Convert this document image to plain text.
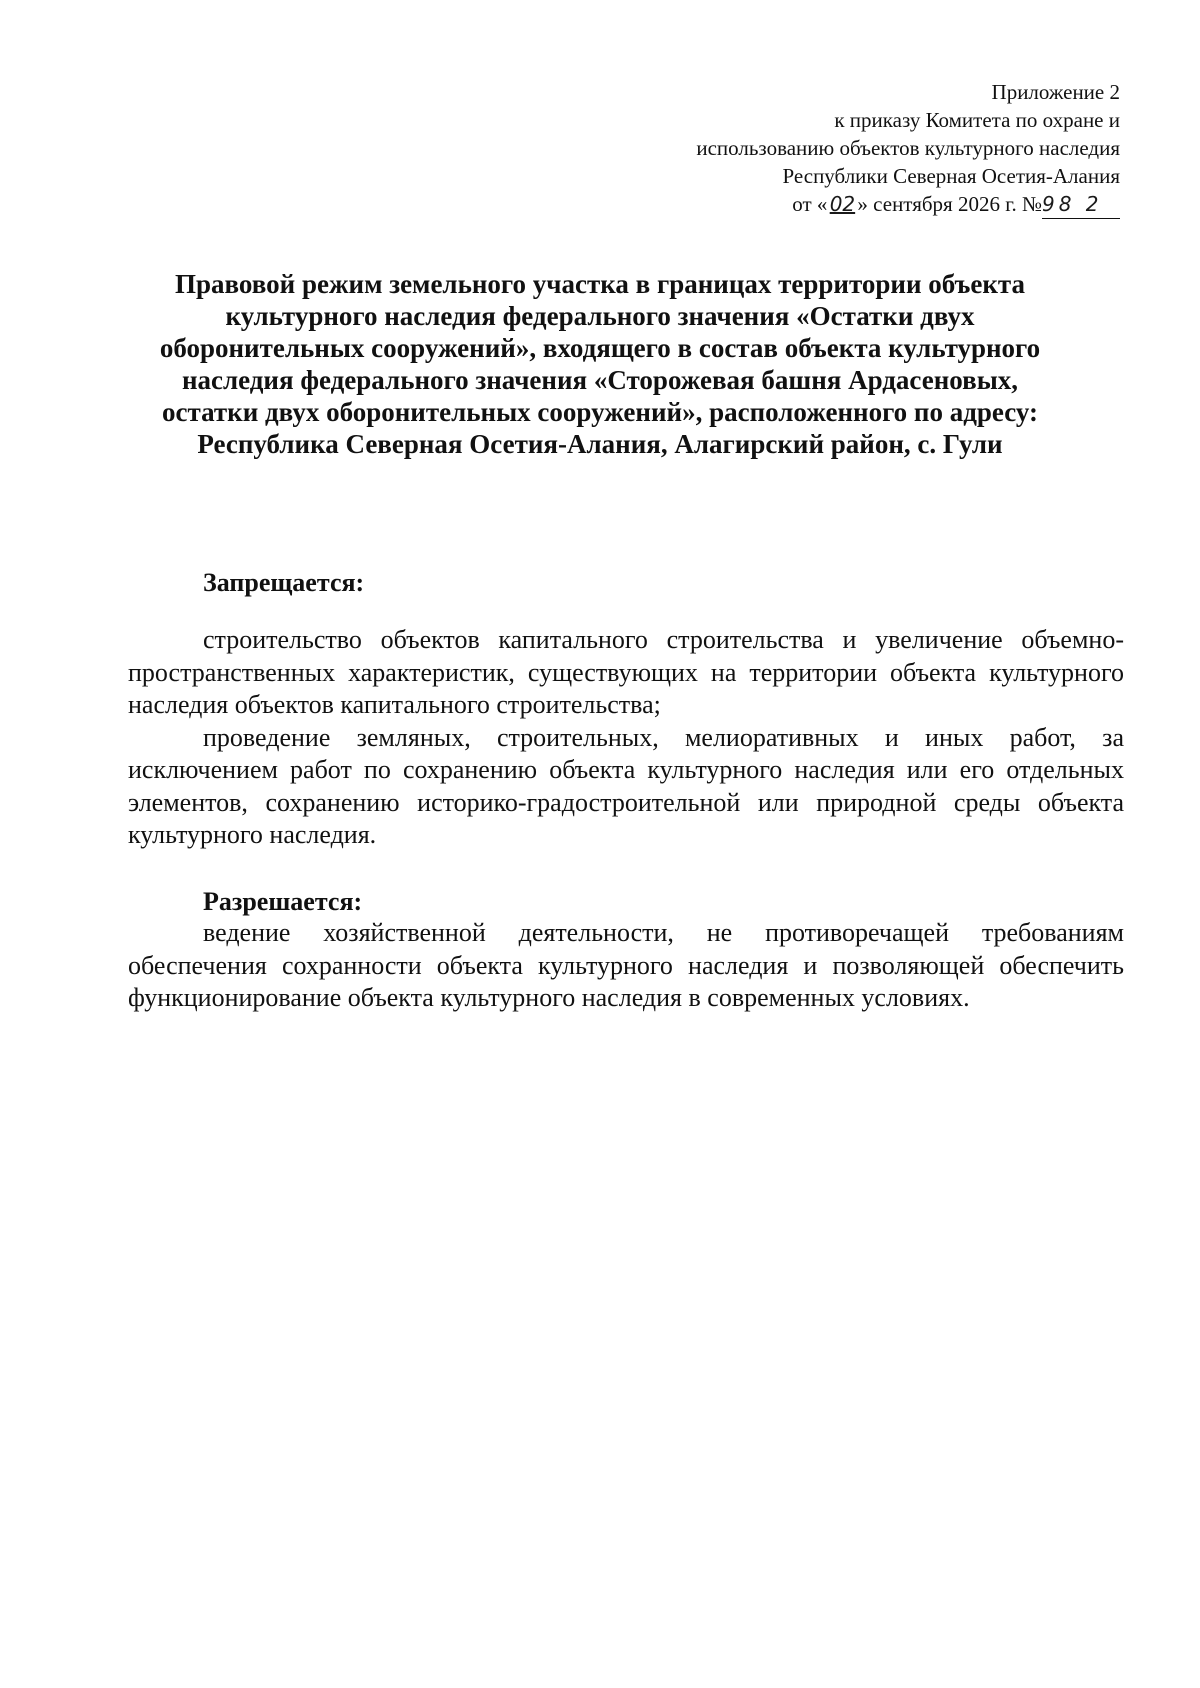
Приложение 2
к приказу Комитета по охране и
использованию объектов культурного наследия
Республики Северная Осетия-Алания
от « 02 » сентября 2026 г. №98 2
Правовой режим земельного участка в границах территории объекта
культурного наследия федерального значения «Остатки двух
оборонительных сооружений», входящего в состав объекта культурного
наследия федерального значения «Сторожевая башня Ардасеновых,
остатки двух оборонительных сооружений», расположенного по адресу:
Республика Северная Осетия-Алания, Алагирский район, с. Гули
Запрещается:

строительство объектов капитального строительства и увеличение объемно-пространственных характеристик, существующих на территории объекта культурного наследия объектов капитального строительства;

проведение земляных, строительных, мелиоративных и иных работ, за исключением работ по сохранению объекта культурного наследия или его отдельных элементов, сохранению историко-градостроительной или природной среды объекта культурного наследия.

Разрешается:

ведение хозяйственной деятельности, не противоречащей требованиям обеспечения сохранности объекта культурного наследия и позволяющей обеспечить функционирование объекта культурного наследия в современных условиях.
